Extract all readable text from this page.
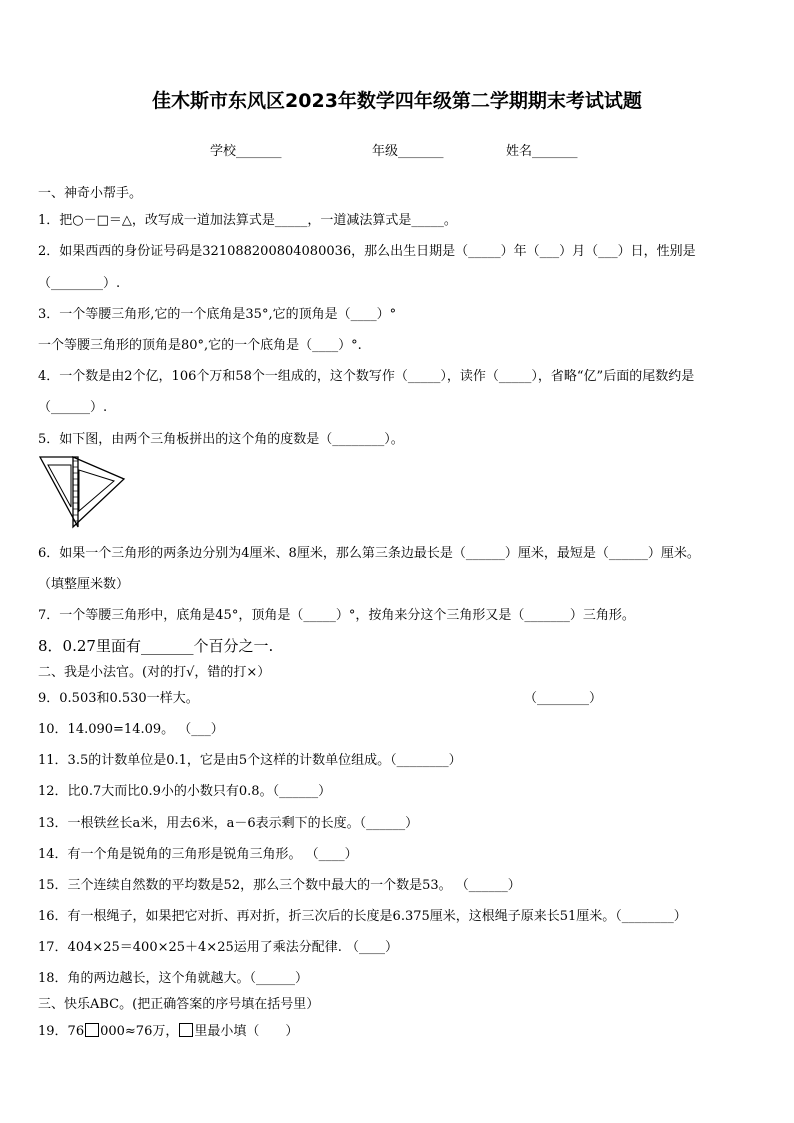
佳木斯市东风区2023年数学四年级第二学期期末考试试题
学校_______	年级_______	姓名_______
一、神奇小帮手。
1．把○－□＝△，改写成一道加法算式是_____，一道减法算式是_____。
2．如果西西的身份证号码是321088200804080036，那么出生日期是（_____）年（___）月（___）日，性别是
（________）.
3．一个等腰三角形,它的一个底角是35°,它的顶角是（____）°
一个等腰三角形的顶角是80°,它的一个底角是（____）°.
4．一个数是由2个亿，106个万和58个一组成的，这个数写作（_____），读作（_____），省略“亿”后面的尾数约是
（______）.
5．如下图，由两个三角板拼出的这个角的度数是（________）。
6．如果一个三角形的两条边分别为4厘米、8厘米，那么第三条边最长是（______）厘米，最短是（______）厘米。
（填整厘米数）
7．一个等腰三角形中，底角是45°，顶角是（_____）°，按角来分这个三角形又是（_______）三角形。
8．0.27里面有_______个百分之一.
二、我是小法官。(对的打√，错的打×）
9．0.503和0.530一样大。	（________）
10．14.090=14.09。 （___）
11．3.5的计数单位是0.1，它是由5个这样的计数单位组成。（________）
12．比0.7大而比0.9小的小数只有0.8。（______）
13．一根铁丝长a米，用去6米，a－6表示剩下的长度。（______）
14．有一个角是锐角的三角形是锐角三角形。 （____）
15．三个连续自然数的平均数是52，那么三个数中最大的一个数是53。 （______）
16．有一根绳子，如果把它对折、再对折，折三次后的长度是6.375厘米，这根绳子原来长51厘米。（________）
17．404×25＝400×25＋4×25运用了乘法分配律. （____）
18．角的两边越长，这个角就越大。（______）
三、快乐ABC。(把正确答案的序号填在括号里）
19．76 000≈76万， 里最小填（　　）
